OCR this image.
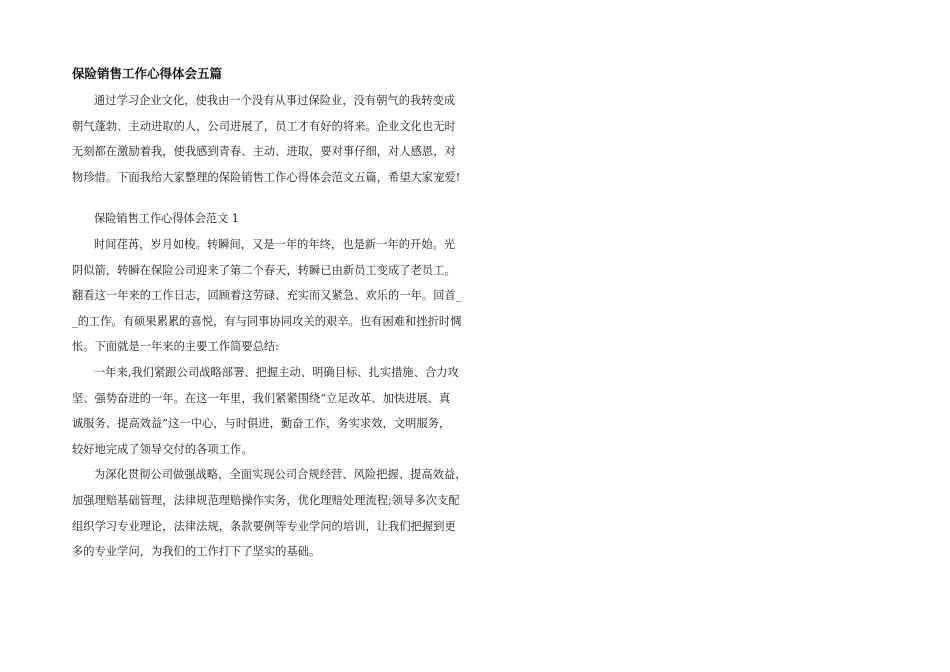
保险销售工作心得体会五篇

通过学习企业文化，使我由一个没有从事过保险业，没有朝气的我转变成
朝气蓬勃、主动进取的人，公司进展了，员工才有好的将来。企业文化也无时
无刻都在激励着我，使我感到青春、主动、进取，要对事仔细，对人感恩，对
物珍惜。下面我给大家整理的保险销售工作心得体会范文五篇，希望大家宠爱!

保险销售工作心得体会范文 1

时间荏苒，岁月如梭。转瞬间，又是一年的年终，也是新一年的开始。光
阴似箭，转瞬在保险公司迎来了第二个春天，转瞬已由新员工变成了老员工。
翻看这一年来的工作日志，回顾着这劳碌、充实而又紧急、欢乐的一年。回首_
_的工作。有硕果累累的喜悦，有与同事协同攻关的艰辛。也有困难和挫折时惆
怅。下面就是一年来的主要工作简要总结:

一年来,我们紧跟公司战略部署、把握主动、明确目标、扎实措施、合力攻
坚、强势奋进的一年。在这一年里，我们紧紧围绕“立足改革、加快进展、真
诚服务、提高效益”这一中心，与时俱进，勤奋工作，务实求效，文明服务，
较好地完成了领导交付的各项工作。

为深化贯彻公司做强战略，全面实现公司合规经营、风险把握、提高效益，
加强理赔基础管理，法律规范理赔操作实务，优化理赔处理流程;领导多次支配
组织学习专业理论，法律法规，条款要例等专业学问的培训，让我们把握到更
多的专业学问，为我们的工作打下了坚实的基础。
